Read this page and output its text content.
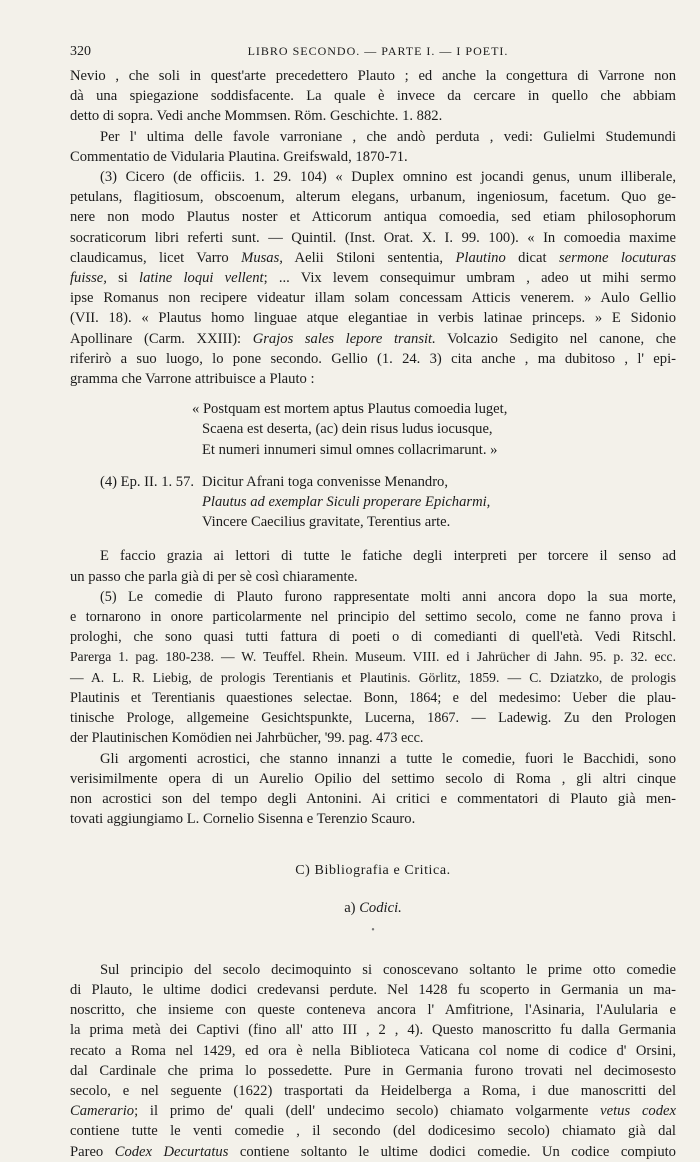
320	LIBRO SECONDO. — PARTE I. — I POETI.

Nevio , che soli in quest'arte precedettero Plauto ; ed anche la congettura di Varrone non
dà una spiegazione soddisfacente. La quale è invece da cercare in quello che abbiam
detto di sopra. Vedi anche Mommsen. Röm. Geschichte. 1. 882.

Per l' ultima delle favole varroniane , che andò perduta , vedi: Gulielmi Studemundi
Commentatio de Vidularia Plautina. Greifswald, 1870-71.

(3) Cicero (de officiis. 1. 29. 104) « Duplex omnino est jocandi genus, unum illiberale,
petulans, flagitiosum, obscoenum, alterum elegans, urbanum, ingeniosum, facetum. Quo ge-
nere non modo Plautus noster et Atticorum antiqua comoedia, sed etiam philosophorum
socraticorum libri referti sunt. — Quintil. (Inst. Orat. X. I. 99. 100). « In comoedia maxime
claudicamus, licet Varro Musas, Aelii Stiloni sententia, Plautino dicat sermone locuturas
fuisse, si latine loqui vellent; ... Vix levem consequimur umbram , adeo ut mihi sermo
ipse Romanus non recipere videatur illam solam concessam Atticis venerem. » Aulo Gellio
(VII. 18). « Plautus homo linguae atque elegantiae in verbis latinae princeps. » E Sidonio
Apollinare (Carm. XXIII): Grajos sales lepore transit. Volcazio Sedigito nel canone, che
riferirò a suo luogo, lo pone secondo. Gellio (1. 24. 3) cita anche , ma dubitoso , l' epi-
gramma che Varrone attribuisce a Plauto :

« Postquam est mortem aptus Plautus comoedia luget,
Scaena est deserta, (ac) dein risus ludus iocusque,
Et numeri innumeri simul omnes collacrimarunt. »

(4) Ep. II. 1. 57. Dicitur Afrani toga convenisse Menandro,
Plautus ad exemplar Siculi properare Epicharmi,
Vincere Caecilius gravitate, Terentius arte.

E faccio grazia ai lettori di tutte le fatiche degli interpreti per torcere il senso ad
un passo che parla già di per sè così chiaramente.

(5) Le comedie di Plauto furono rappresentate molti anni ancora dopo la sua morte,
e tornarono in onore particolarmente nel principio del settimo secolo, come ne fanno prova i
prologhi, che sono quasi tutti fattura di poeti o di comedianti di quell'età. Vedi Ritschl.
Parerga 1. pag. 180-238. — W. Teuffel. Rhein. Museum. VIII. ed i Jahrücher di Jahn. 95. p. 32. ecc.
— A. L. R. Liebig, de prologis Terentianis et Plautinis. Görlitz, 1859. — C. Dziatzko, de prologis
Plautinis et Terentianis quaestiones selectae. Bonn, 1864; e del medesimo: Ueber die plau-
tinische Prologe, allgemeine Gesichtspunkte, Lucerna, 1867. — Ladewig. Zu den Prologen
der Plautinischen Komödien nei Jahrbücher, '99. pag. 473 ecc.

Gli argomenti acrostici, che stanno innanzi a tutte le comedie, fuori le Bacchidi, sono
verisimilmente opera di un Aurelio Opilio del settimo secolo di Roma , gli altri cinque
non acrostici son del tempo degli Antonini. Ai critici e commentatori di Plauto già men-
tovati aggiungiamo L. Cornelio Sisenna e Terenzio Scauro.

C) Bibliografia e Critica.

a) Codici.

•

Sul principio del secolo decimoquinto si conoscevano soltanto le prime otto comedie
di Plauto, le ultime dodici credevansi perdute. Nel 1428 fu scoperto in Germania un ma-
noscritto, che insieme con queste conteneva ancora l' Amfitrione, l'Asinaria, l'Aulularia e
la prima metà dei Captivi (fino all' atto III , 2 , 4). Questo manoscritto fu dalla Germania
recato a Roma nel 1429, ed ora è nella Biblioteca Vaticana col nome di codice d' Orsini,
dal Cardinale che prima lo possedette. Pure in Germania furono trovati nel decimosesto
secolo, e nel seguente (1622) trasportati da Heidelberga a Roma, i due manoscritti del
Camerario; il primo de' quali (dell' undecimo secolo) chiamato volgarmente vetus codex
contiene tutte le venti comedie , il secondo (del dodicesimo secolo) chiamato già dal
Pareo Codex Decurtatus contiene soltanto le ultime dodici comedie. Un codice compiuto
